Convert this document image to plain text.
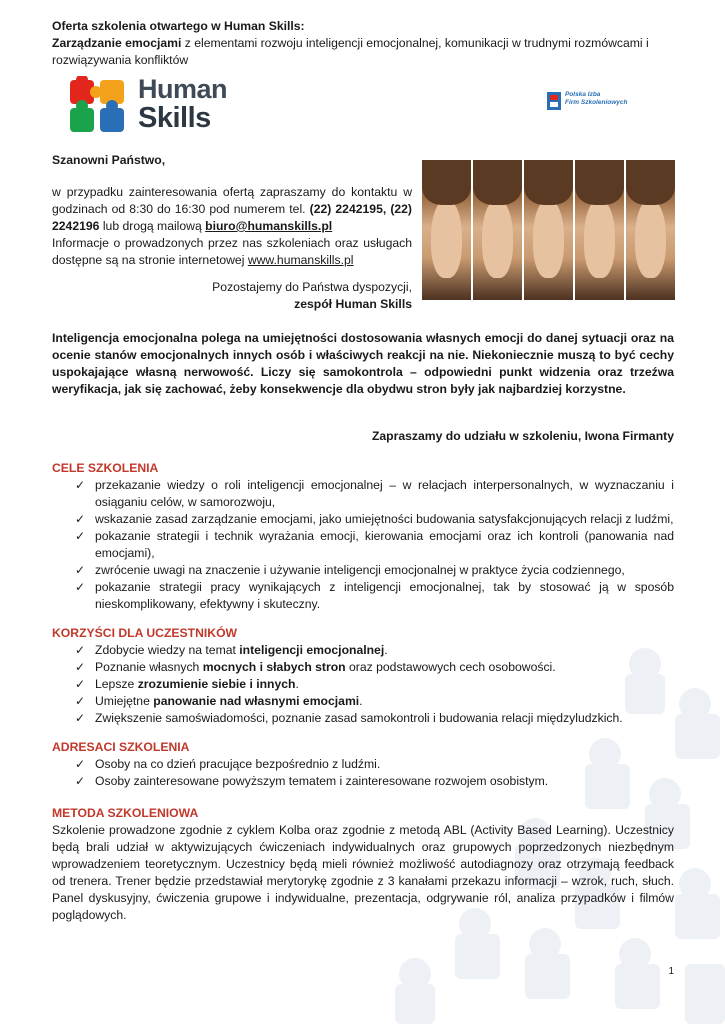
Oferta szkolenia otwartego w Human Skills:
Zarządzanie emocjami z elementami rozwoju inteligencji emocjonalnej, komunikacji w trudnymi rozmówcami i
rozwiązywania konfliktów
Human
Skills
Polska Izba
Firm Szkoleniowych
Szanowni Państwo,
w przypadku zainteresowania ofertą zapraszamy do kontaktu w
godzinach od 8:30 do 16:30 pod numerem tel. (22) 2242195, (22)
2242196 lub drogą mailową biuro@humanskills.pl
Informacje o prowadzonych przez nas szkoleniach oraz usługach
dostępne są na stronie internetowej www.humanskills.pl
Pozostajemy do Państwa dyspozycji,
zespół Human Skills
Inteligencja emocjonalna polega na umiejętności dostosowania własnych emocji do danej sytuacji oraz na
ocenie stanów emocjonalnych innych osób i właściwych reakcji na nie. Niekoniecznie muszą to być cechy
uspokajające własną nerwowość. Liczy się samokontrola – odpowiedni punkt widzenia oraz trzeźwa
weryfikacja, jak się zachować, żeby konsekwencje dla obydwu stron były jak najbardziej korzystne.
Zapraszamy do udziału w szkoleniu, Iwona Firmanty
CELE SZKOLENIA
✓ przekazanie wiedzy o roli inteligencji emocjonalnej – w relacjach interpersonalnych, w wyznaczaniu i osiąganiu celów, w samorozwoju,
✓ wskazanie zasad zarządzanie emocjami, jako umiejętności budowania satysfakcjonujących relacji z ludźmi,
✓ pokazanie strategii i technik wyrażania emocji, kierowania emocjami oraz ich kontroli (panowania nad emocjami),
✓ zwrócenie uwagi na znaczenie i używanie inteligencji emocjonalnej w praktyce życia codziennego,
✓ pokazanie strategii pracy wynikających z inteligencji emocjonalnej, tak by stosować ją w sposób nieskomplikowany, efektywny i skuteczny.
KORZYŚCI DLA UCZESTNIKÓW
✓ Zdobycie wiedzy na temat inteligencji emocjonalnej.
✓ Poznanie własnych mocnych i słabych stron oraz podstawowych cech osobowości.
✓ Lepsze zrozumienie siebie i innych.
✓ Umiejętne panowanie nad własnymi emocjami.
✓ Zwiększenie samoświadomości, poznanie zasad samokontroli i budowania relacji międzyludzkich.
ADRESACI SZKOLENIA
✓ Osoby na co dzień pracujące bezpośrednio z ludźmi.
✓ Osoby zainteresowane powyższym tematem i zainteresowane rozwojem osobistym.
METODA SZKOLENIOWA
Szkolenie prowadzone zgodnie z cyklem Kolba oraz zgodnie z metodą ABL (Activity Based Learning). Uczestnicy
będą brali udział w aktywizujących ćwiczeniach indywidualnych oraz grupowych poprzedzonych niezbędnym
wprowadzeniem teoretycznym. Uczestnicy będą mieli również możliwość autodiagnozy oraz otrzymają feedback
od trenera. Trener będzie przedstawiał merytorykę zgodnie z 3 kanałami przekazu informacji – wzrok, ruch, słuch.
Panel dyskusyjny, ćwiczenia grupowe i indywidualne, prezentacja, odgrywanie ról, analiza przypadków i filmów
poglądowych.
1
